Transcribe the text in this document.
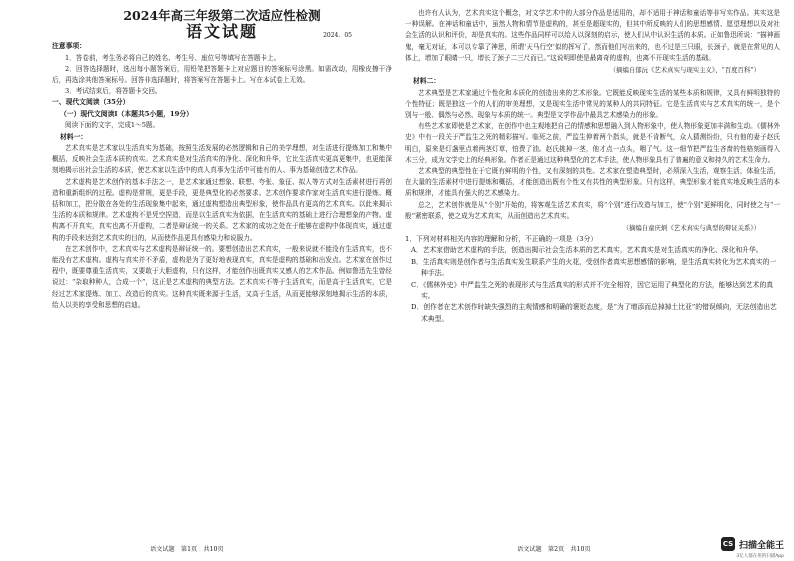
2024年高三年级第二次适应性检测
语文试题	2024．05

注意事项：

1．答卷前，考生务必将自己的姓名、考生号、座位号等填写在答题卡上。

2．回答选择题时，选出每小题答案后，用铅笔把答题卡上对应题目的答案标号涂黑。如需改动，用橡皮擦干净后，再选涂其他答案标号。回答非选择题时，将答案写在答题卡上。写在本试卷上无效。

3．考试结束后，将答题卡交回。

一、现代文阅读（35分）

（一）现代文阅读Ⅰ（本题共5小题，19分）

阅读下面的文字，完成1～5题。

材料一：

艺术真实是艺术家以生活真实为基础，按照生活发展的必然逻辑和自己的美学理想，对生活进行提炼加工和集中概括，反映社会生活本质的真实。艺术真实是对生活真实的净化、深化和升华，它比生活真实更高更集中，也更能深刻地揭示出社会生活的本质，使艺术家以生活中的真人真事为生活中可能有的人、事为基础创造艺术作品。

艺术虚构是艺术创作的基本手法之一，是艺术家通过想象、联想、夸张、象征、拟人等方式对生活素材进行再创造和重新组织的过程。虚构是常规，更是手段，更是典型化的必然要求。艺术创作要求作家对生活真实进行提炼、概括和加工，把分散在各处的生活现象集中起来，通过虚构塑造出典型形象，使作品具有更高的艺术真实。以此来揭示生活的本质和规律。艺术虚构不是凭空捏造，而是以生活真实为依据，在生活真实的基础上进行合理想象的产物。虚构离不开真实，真实也离不开虚构，二者是辩证统一的关系。艺术家的成功之处在于能够在虚构中体现真实，通过虚构的手段来达到艺术真实的目的，从而使作品更具有感染力和说服力。

在艺术创作中，艺术真实与艺术虚构是辩证统一的。要想创造出艺术真实，一般来说就不能没有生活真实，也不能没有艺术虚构。虚构与真实并不矛盾，虚构是为了更好地表现真实，真实是虚构的基础和出发点。艺术家在创作过程中，既要尊重生活真实，又要敢于大胆虚构，只有这样，才能创作出既真实又感人的艺术作品。例如鲁迅先生曾经说过：“杂取种种人，合成一个”，这正是艺术虚构的典型方法。艺术真实不等于生活真实，而是高于生活真实，它是经过艺术家提炼、加工、改造后的真实。这种真实既来源于生活，又高于生活，从而更能够深刻地揭示生活的本质，给人以美的享受和思想的启迪。

语文试题　第1页　共10页

也许有人认为，艺术真实这个概念，对文学艺术中的大部分作品是适用的，却不适用于神话和童话等非写实作品。其实这是一种误解。在神话和童话中，虽然人物和情节是虚构的，甚至是超现实的，但其中所反映的人们的思想感情、愿望理想以及对社会生活的认识和评价，却是真实的。这些作品同样可以给人以深刻的启示，使人们从中认识生活的本质。正如鲁迅所说：“描神画鬼，毫无对证，本可以专靠了神思，所谓‘天马行空’似的挥写了，然而他们写出来的，也不过是三只眼，长颈子，就是在常见的人体上，增加了眼睛一只，增长了颈子二三尺而已。”这说明即使是最离奇的虚构，也离不开现实生活的基础。

（摘编自郁沅《艺术真实与现实主义》、“百度百科”）

材料二：

艺术典型是艺术家通过个性化和本质化的创造出来的艺术形象。它既能反映现实生活的某些本质和规律，又具有鲜明独特的个性特征；既是独这一个的人们的审美理想，又是现实生活中常见的某种人的共同特征。它是生活真实与艺术真实的统一，是个别与一般、偶然与必然、现象与本质的统一。典型是文学作品中最具艺术感染力的形象。

有些艺术家即使是艺术家，在创作中也主观地把自己的情感和思想融入到人物形象中，使人物形象更加丰满和生动。《儒林外史》中有一段关于严监生之死的精彩描写。临死之前，严监生伸着两个指头，就是不肯断气，众人猜测纷纷，只有他的妻子赵氏明白，原来是灯盏里点着两茎灯草，怕费了油。赵氏挑掉一茎，他才点一点头，咽了气。这一细节把严监生吝啬的性格刻画得入木三分，成为文学史上的经典形象。作者正是通过这种典型化的艺术手法，使人物形象具有了普遍的意义和持久的艺术生命力。

艺术典型的典型性在于它既有鲜明的个性，又有深刻的共性。艺术家在塑造典型时，必须深入生活，观察生活，体验生活，在大量的生活素材中进行提炼和概括，才能创造出既有个性又有共性的典型形象。只有这样，典型形象才能真实地反映生活的本质和规律，才能具有强大的艺术感染力。

总之，艺术创作就是从“个别”开始的，将客观生活艺术真实，将“个别”进行改造与加工，使“个别”更鲜明化，同时使之与“一般”紧密联系，使之成为艺术真实，从而创造出艺术真实。

（摘编自童庆炳《艺术真实与典型的辩证关系》）

1．下列对材料相关内容的理解和分析，不正确的一项是（3分）

A．艺术家借助艺术虚构的手法，创造出揭示社会生活本质的艺术真实，艺术真实是对生活真实的净化、深化和升华。

B．生活真实则是创作者与生活真实发生联系产生的火花，受创作者真实思想感情的影响，是生活真实转化为艺术真实的一种手法。

C．《儒林外史》中严监生之死的表现形式与生活真实的形式并不完全相符，因它运用了典型化的方法，能够达到艺术的真实。

D．创作者在艺术创作时缺失强烈的主观情感和明确的褒贬态度，是“为了增添而总掉掉土比亚”的错误倾向，无法创造出艺术典型。

语文试题　第2页　共10页
CS 扫描全能王
3亿人都在用的扫描App
